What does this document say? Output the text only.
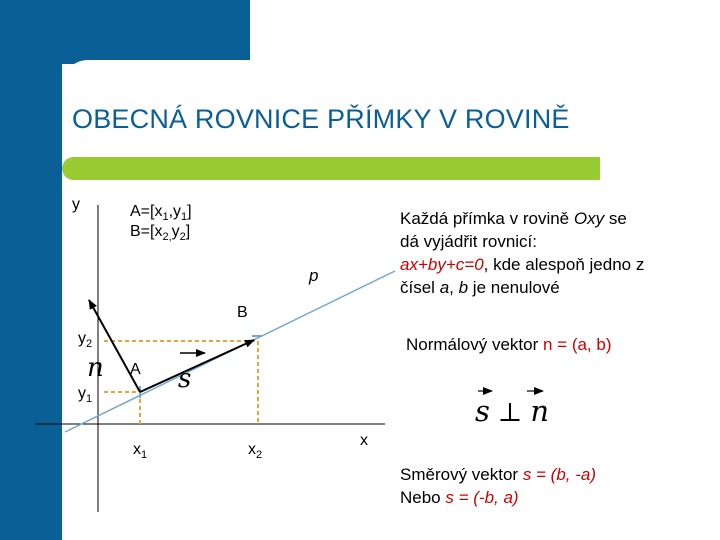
OBECNÁ ROVNICE PŘÍMKY V ROVINĚ
y
x
$A=[x_1,y_1]$
$B=[x_{2,}y_2]$
p
B
A
$y_2$
$y_1$
$x_1$	$x_2$
n	s
s ⊥ n
Každá přímka v rovině Oxy se
dá vyjádřit rovnicí:
ax+by+c=0, kde alespoň jedno z
čísel a, b je nenulové
Normálový vektor n = (a, b)
Směrový vektor s = (b, -a)
Nebo s = (-b, a)
